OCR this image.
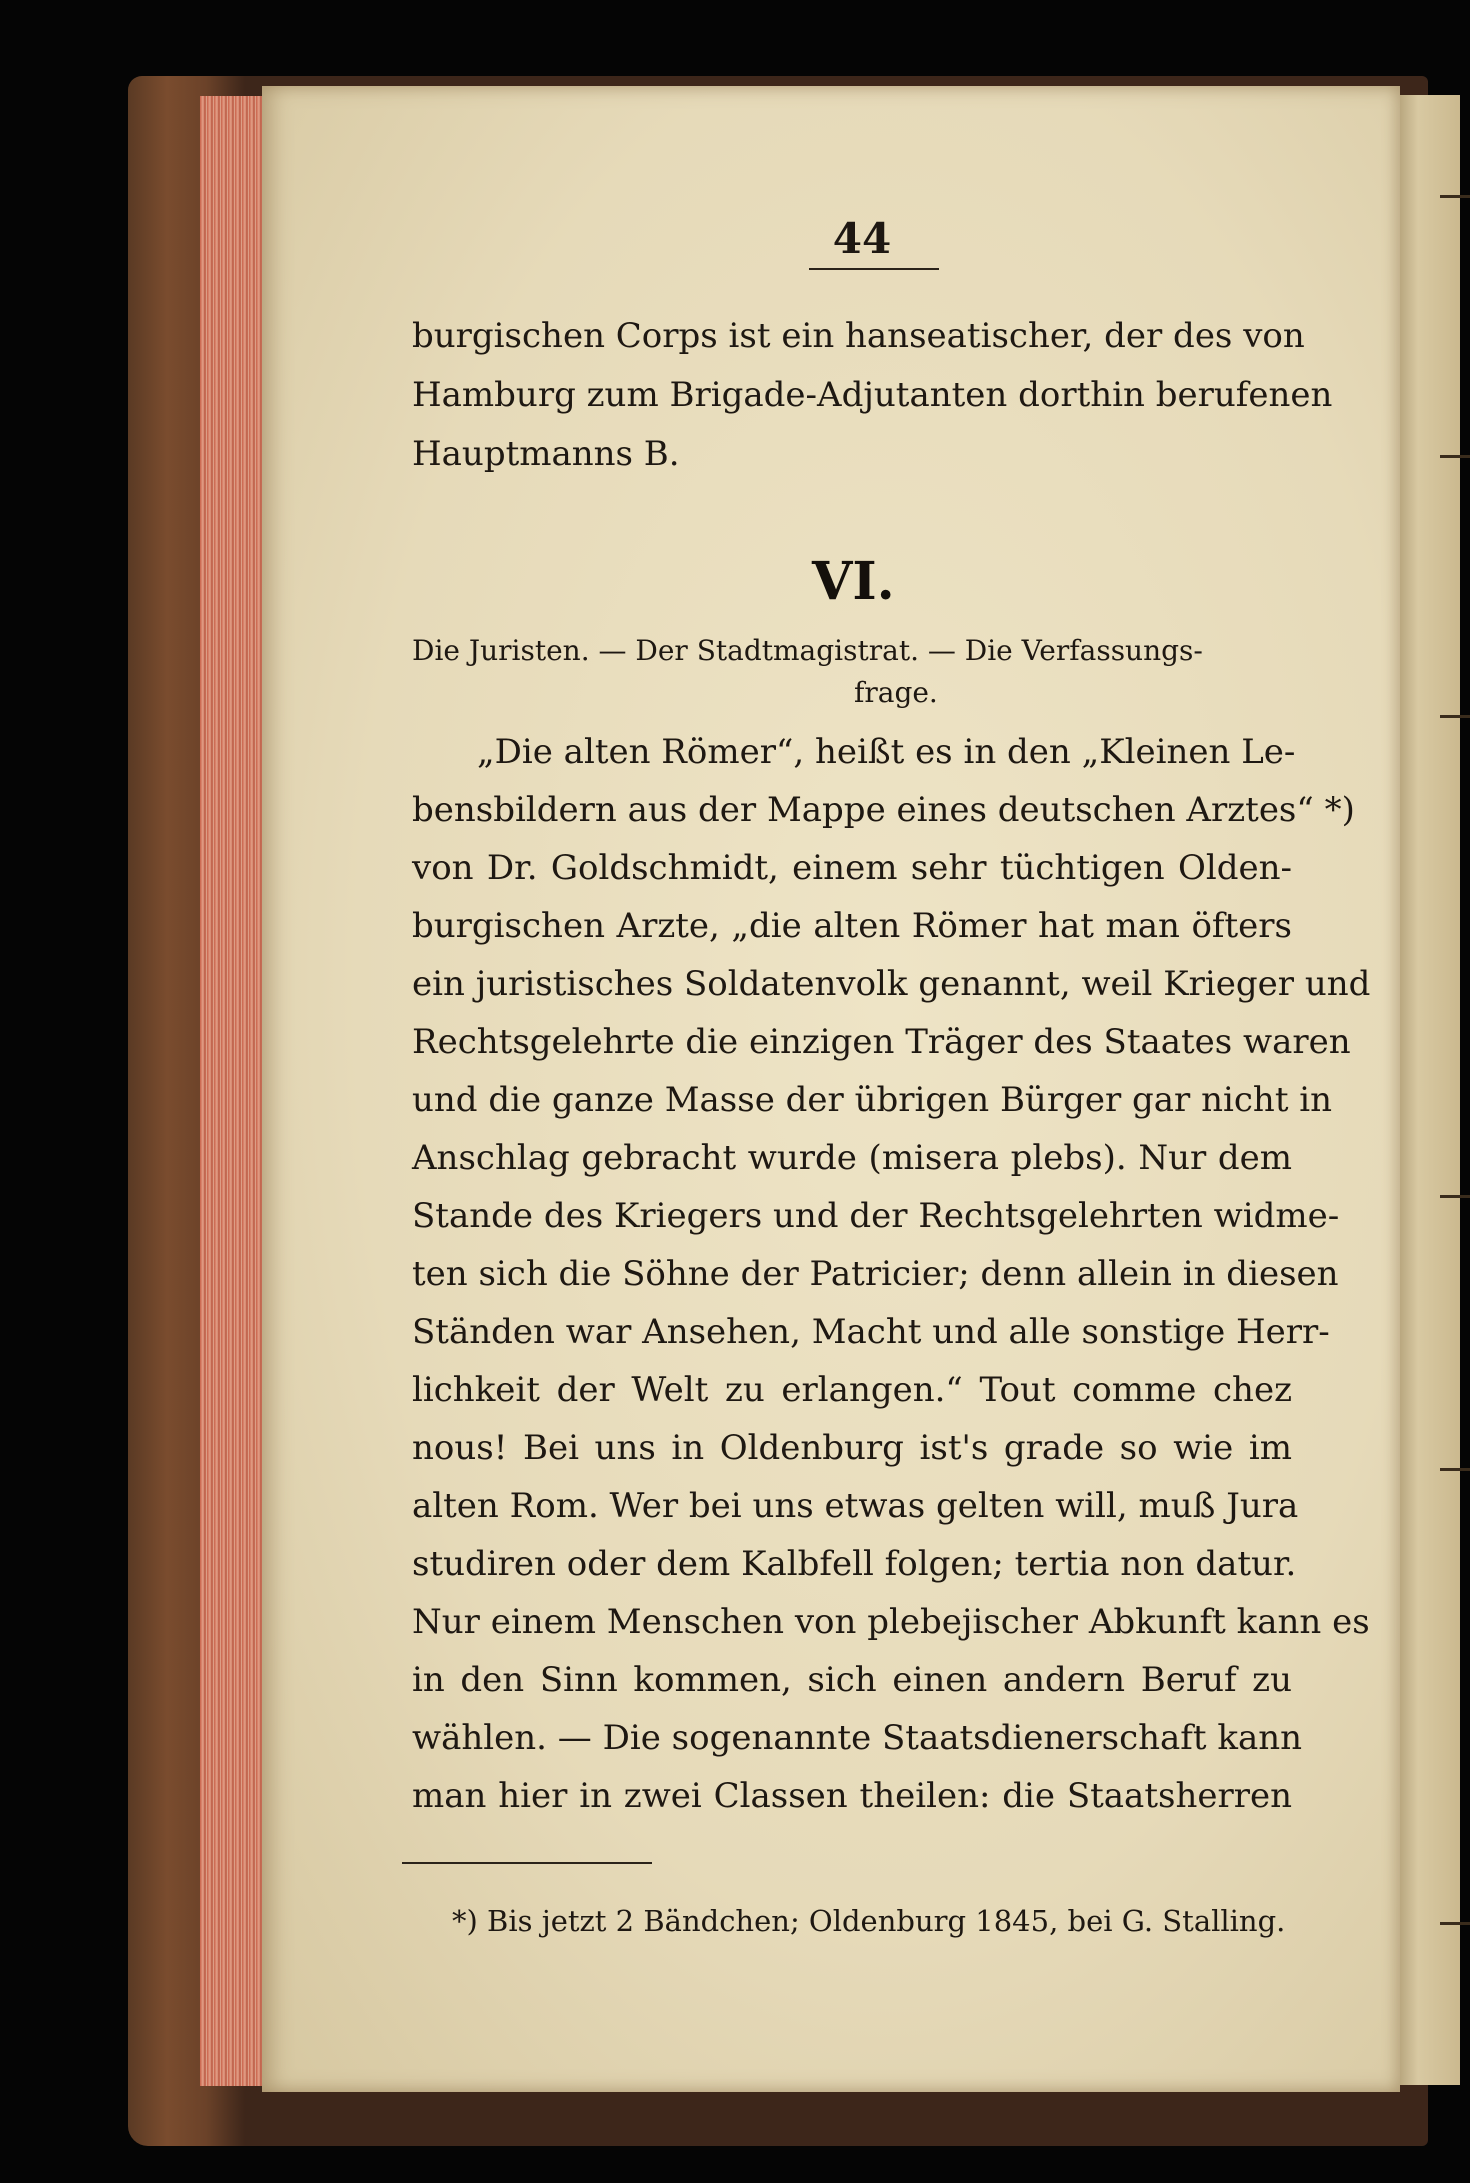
44
burgischen Corps ist ein hanseatischer, der des von
Hamburg zum Brigade-Adjutanten dorthin berufenen
Hauptmanns B.
VI.
Die Juristen. — Der Stadtmagistrat. — Die Verfassungs-
frage.
„Die alten Römer“, heißt es in den „Kleinen Le-
bensbildern aus der Mappe eines deutschen Arztes“ *)
von Dr. Goldschmidt, einem sehr tüchtigen Olden-
burgischen Arzte, „die alten Römer hat man öfters
ein juristisches Soldatenvolk genannt, weil Krieger und
Rechtsgelehrte die einzigen Träger des Staates waren
und die ganze Masse der übrigen Bürger gar nicht in
Anschlag gebracht wurde (misera plebs). Nur dem
Stande des Kriegers und der Rechtsgelehrten widme-
ten sich die Söhne der Patricier; denn allein in diesen
Ständen war Ansehen, Macht und alle sonstige Herr-
lichkeit der Welt zu erlangen.“ Tout comme chez
nous! Bei uns in Oldenburg ist's grade so wie im
alten Rom. Wer bei uns etwas gelten will, muß Jura
studiren oder dem Kalbfell folgen; tertia non datur.
Nur einem Menschen von plebejischer Abkunft kann es
in den Sinn kommen, sich einen andern Beruf zu
wählen. — Die sogenannte Staatsdienerschaft kann
man hier in zwei Classen theilen: die Staatsherren
*) Bis jetzt 2 Bändchen; Oldenburg 1845, bei G. Stalling.
